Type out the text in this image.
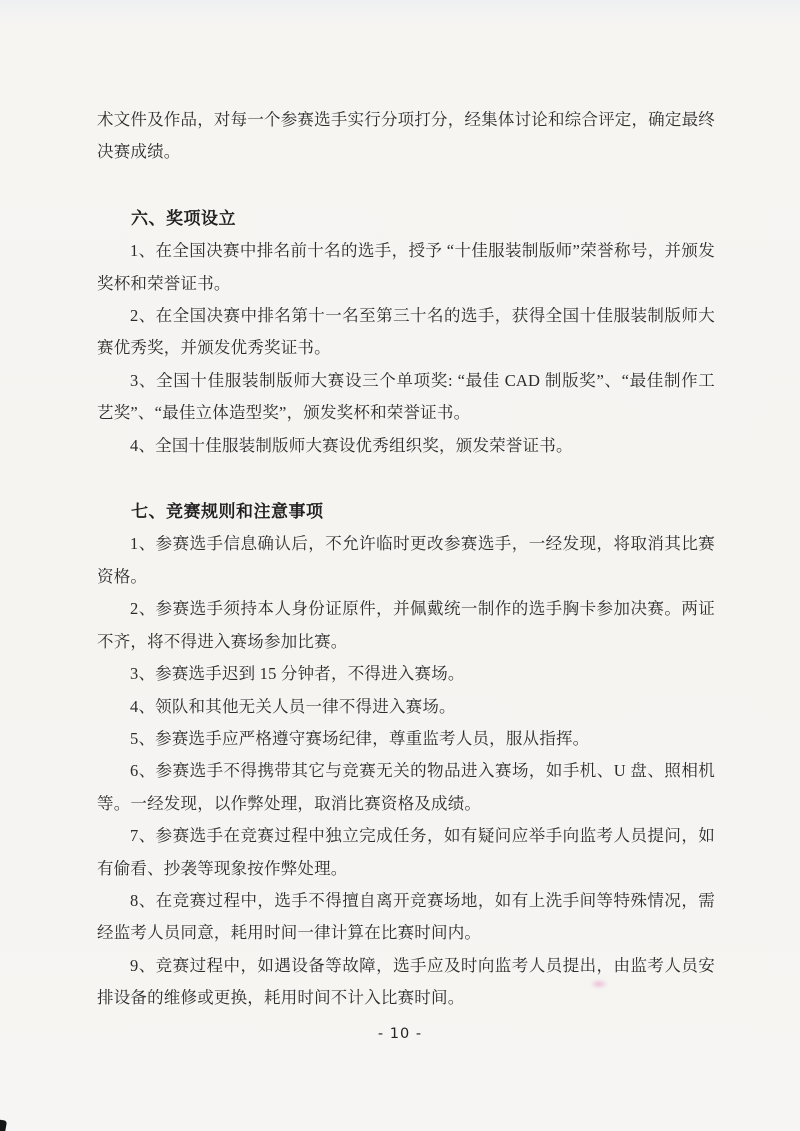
术文件及作品，对每一个参赛选手实行分项打分，经集体讨论和综合评定，确定最终决赛成绩。

六、奖项设立

1、在全国决赛中排名前十名的选手，授予 “十佳服装制版师”荣誉称号，并颁发奖杯和荣誉证书。

2、在全国决赛中排名第十一名至第三十名的选手，获得全国十佳服装制版师大赛优秀奖，并颁发优秀奖证书。

3、全国十佳服装制版师大赛设三个单项奖: “最佳 CAD 制版奖”、“最佳制作工艺奖”、“最佳立体造型奖”，颁发奖杯和荣誉证书。

4、全国十佳服装制版师大赛设优秀组织奖，颁发荣誉证书。

七、竞赛规则和注意事项

1、参赛选手信息确认后，不允许临时更改参赛选手，一经发现，将取消其比赛资格。

2、参赛选手须持本人身份证原件，并佩戴统一制作的选手胸卡参加决赛。两证不齐，将不得进入赛场参加比赛。

3、参赛选手迟到 15 分钟者，不得进入赛场。

4、领队和其他无关人员一律不得进入赛场。

5、参赛选手应严格遵守赛场纪律，尊重监考人员，服从指挥。

6、参赛选手不得携带其它与竞赛无关的物品进入赛场，如手机、U 盘、照相机等。一经发现，以作弊处理，取消比赛资格及成绩。

7、参赛选手在竞赛过程中独立完成任务，如有疑问应举手向监考人员提问，如有偷看、抄袭等现象按作弊处理。

8、在竞赛过程中，选手不得擅自离开竞赛场地，如有上洗手间等特殊情况，需经监考人员同意，耗用时间一律计算在比赛时间内。

9、竞赛过程中，如遇设备等故障，选手应及时向监考人员提出，由监考人员安排设备的维修或更换，耗用时间不计入比赛时间。

- 10 -
